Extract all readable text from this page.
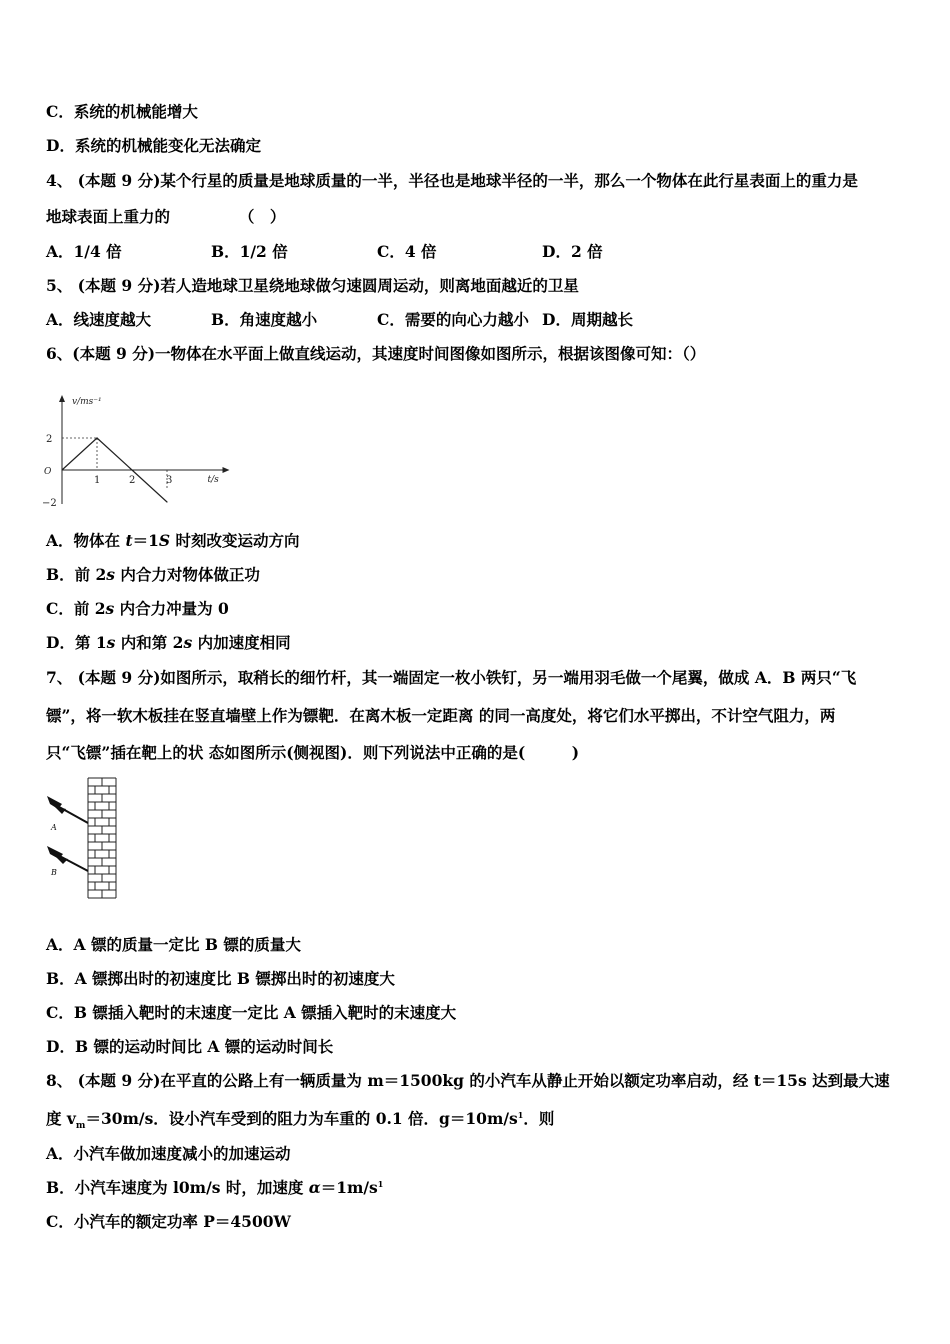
C．系统的机械能增大
D．系统的机械能变化无法确定
4、 (本题 9 分)某个行星的质量是地球质量的一半，半径也是地球半径的一半，那么一个物体在此行星表面上的重力是
地球表面上重力的	（　）
A．1/4 倍	B．1/2 倍	C．4 倍	D．2 倍
5、 (本题 9 分)若人造地球卫星绕地球做匀速圆周运动，则离地面越近的卫星
A．线速度越大	B．角速度越小	C．需要的向心力越小 D．周期越长
6、(本题 9 分)一物体在水平面上做直线运动，其速度时间图像如图所示，根据该图像可知：（）
v/ms⁻¹
t/s
O
2
−2
1	2	3
A．物体在 t＝1S 时刻改变运动方向
B．前 2s 内合力对物体做正功
C．前 2s 内合力冲量为 0
D．第 1s 内和第 2s 内加速度相同
7、 (本题 9 分)如图所示，取稍长的细竹杆，其一端固定一枚小铁钉，另一端用羽毛做一个尾翼，做成 A．B 两只“飞
镖”，将一软木板挂在竖直墙壁上作为镖靶．在离木板一定距离 的同一高度处，将它们水平掷出，不计空气阻力，两
只“飞镖”插在靶上的状 态如图所示(侧视图)．则下列说法中正确的是(　　　)
A
B
A．A 镖的质量一定比 B 镖的质量大
B．A 镖掷出时的初速度比 B 镖掷出时的初速度大
C．B 镖插入靶时的末速度一定比 A 镖插入靶时的末速度大
D．B 镖的运动时间比 A 镖的运动时间长
8、 (本题 9 分)在平直的公路上有一辆质量为 m＝1500kg 的小汽车从静止开始以额定功率启动，经 t＝15s 达到最大速
度 $v_m=30m/s$．设小汽车受到的阻力为车重的 0.1 倍．$g=10m/s^1$．则
A．小汽车做加速度减小的加速运动
B．小汽车速度为 l0m/s 时，加速度 $\alpha=1m/s^1$
C．小汽车的额定功率 P＝4500W
